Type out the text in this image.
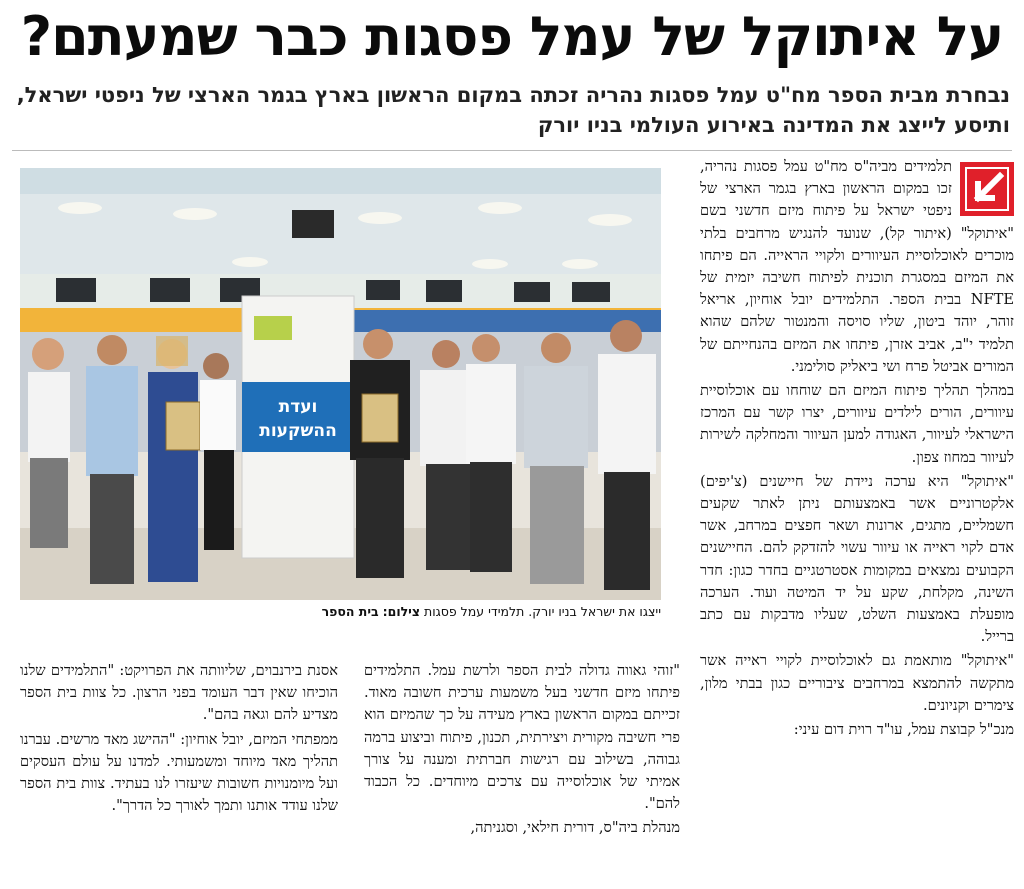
על איתוקל של עמל פסגות כבר שמעתם?
נבחרת מבית הספר מח"ט עמל פסגות נהריה זכתה במקום הראשון בארץ בגמר הארצי של ניפטי ישראל,
ותיסע לייצג את המדינה באירוע העולמי בניו יורק

תלמידים מביה"ס מח"ט עמל פסגות נהריה, זכו במקום הראשון בארץ בגמר הארצי של ניפטי ישראל על פיתוח מיזם חדשני בשם "איתוקל" (איתור קל), שנועד להנגיש מרחבים בלתי מוכרים לאוכלוסיית העיוורים ולקויי הראייה. הם פיתחו את המיזם במסגרת תוכנית לפיתוח חשיבה יזמית של NFTE בבית הספר. התלמידים יובל אוחיון, אריאל זוהר, יוהד ביטון, שליו סויסה והמנטור שלהם שהוא תלמיד י"ב, אביב אזרן, פיתחו את המיזם בהנחייתם של המורים אביטל פרח ושי ביאליק סולימני.

במהלך תהליך פיתוח המיזם הם שוחחו עם אוכלוסיית עיוורים, הורים לילדים עיוורים, יצרו קשר עם המרכז הישראלי לעיוור, האגודה למען העיוור והמחלקה לשירות לעיוור במחוז צפון.

"איתוקל" היא ערכה ניידת של חיישנים (צ'יפים) אלקטרוניים אשר באמצעותם ניתן לאתר שקעים חשמליים, מתגים, ארונות ושאר חפצים במרחב, אשר אדם לקוי ראייה או עיוור עשוי להזדקק להם. החיישנים הקבועים נמצאים במקומות אסטרטגיים בחדר כגון: חדר השינה, מקלחת, שקע על יד המיטה ועוד. הערכה מופעלת באמצעות השלט, שעליו מדבקות עם כתב ברייל.

"איתוקל" מותאמת גם לאוכלוסיית לקויי ראייה אשר מתקשה להתמצא במרחבים ציבוריים כגון בבתי מלון, צימרים וקניונים.

מנכ"ל קבוצת עמל, עו"ד רוית דום עיני:

ועדת
ההשקעות
ייצגו את ישראל בניו יורק. תלמידי עמל פסגות צילום: בית הספר

"זוהי גאווה גדולה לבית הספר ולרשת עמל. התלמידים פיתחו מיזם חדשני בעל משמעות ערכית חשובה מאוד. זכייתם במקום הראשון בארץ מעידה על כך שהמיזם הוא פרי חשיבה מקורית ויצירתית, תכנון, פיתוח וביצוע ברמה גבוהה, בשילוב עם רגישות חברתית ומענה על צורך אמיתי של אוכלוסייה עם צרכים מיוחדים. כל הכבוד להם".

מנהלת ביה"ס, דורית חילאי, וסגניתה,

אסנת בירנבוים, שליוותה את הפרויקט: "התלמידים שלנו הוכיחו שאין דבר העומד בפני הרצון. כל צוות בית הספר מצדיע להם וגאה בהם".

ממפתחי המיזם, יובל אוחיון: "ההישג מאד מרשים. עברנו תהליך מאד מיוחד ומשמעותי. למדנו על עולם העסקים ועל מיומנויות חשובות שיעזרו לנו בעתיד. צוות בית הספר שלנו עודד אותנו ותמך לאורך כל הדרך".
